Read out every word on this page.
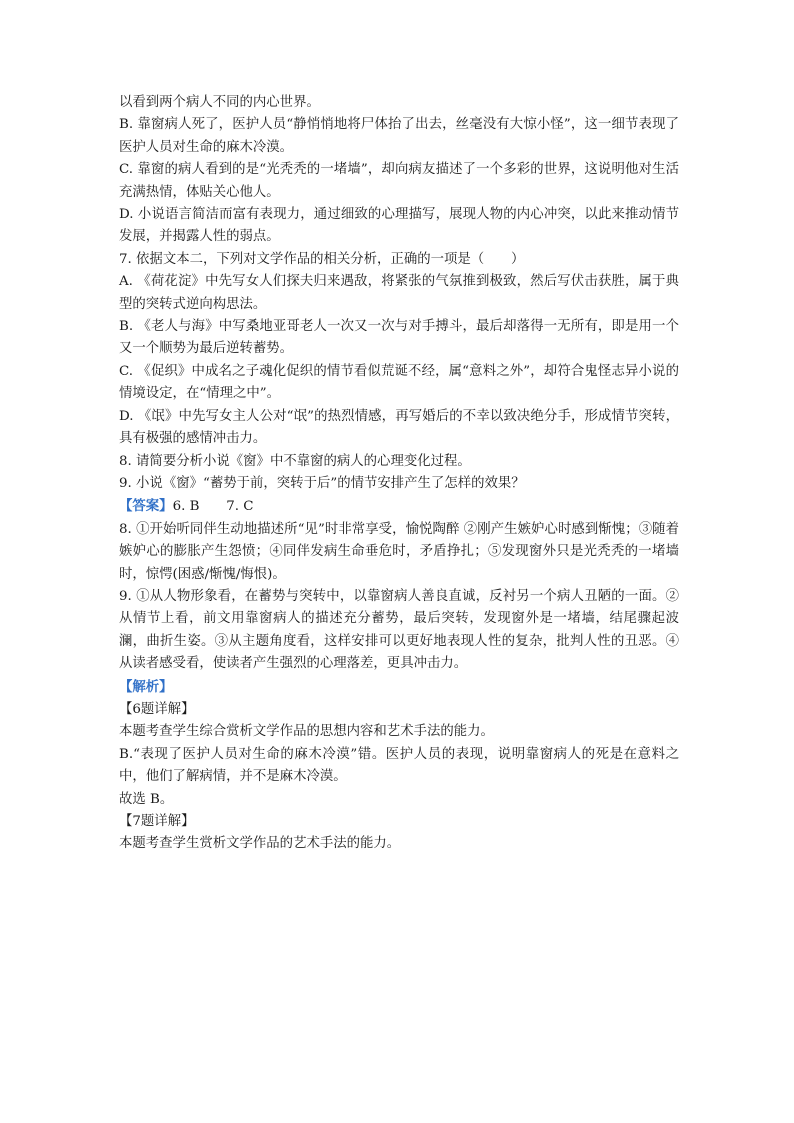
以看到两个病人不同的内心世界。

B. 靠窗病人死了，医护人员“静悄悄地将尸体抬了出去，丝毫没有大惊小怪”，这一细节表现了医护人员对生命的麻木冷漠。

C. 靠窗的病人看到的是“光秃秃的一堵墙”，却向病友描述了一个多彩的世界，这说明他对生活充满热情，体贴关心他人。

D. 小说语言简洁而富有表现力，通过细致的心理描写，展现人物的内心冲突，以此来推动情节发展，并揭露人性的弱点。

7. 依据文本二，下列对文学作品的相关分析，正确的一项是（　　）

A. 《荷花淀》中先写女人们探夫归来遇敌，将紧张的气氛推到极致，然后写伏击获胜，属于典型的突转式逆向构思法。

B. 《老人与海》中写桑地亚哥老人一次又一次与对手搏斗，最后却落得一无所有，即是用一个又一个顺势为最后逆转蓄势。

C. 《促织》中成名之子魂化促织的情节看似荒诞不经，属“意料之外”，却符合鬼怪志异小说的情境设定，在“情理之中”。

D. 《氓》中先写女主人公对“氓”的热烈情感，再写婚后的不幸以致决绝分手，形成情节突转，具有极强的感情冲击力。

8. 请简要分析小说《窗》中不靠窗的病人的心理变化过程。

9. 小说《窗》“蓄势于前，突转于后”的情节安排产生了怎样的效果？

【答案】6. B　　7. C

8. ①开始听同伴生动地描述所“见”时非常享受，愉悦陶醉 ②刚产生嫉妒心时感到惭愧；③随着嫉妒心的膨胀产生怨愤；④同伴发病生命垂危时，矛盾挣扎；⑤发现窗外只是光秃秃的一堵墙时，惊愕(困惑/惭愧/悔恨)。

9. ①从人物形象看，在蓄势与突转中，以靠窗病人善良直诚，反衬另一个病人丑陋的一面。②从情节上看，前文用靠窗病人的描述充分蓄势，最后突转，发现窗外是一堵墙，结尾骤起波澜，曲折生姿。③从主题角度看，这样安排可以更好地表现人性的复杂，批判人性的丑恶。④从读者感受看，使读者产生强烈的心理落差，更具冲击力。

【解析】

【6题详解】

本题考查学生综合赏析文学作品的思想内容和艺术手法的能力。

B.“表现了医护人员对生命的麻木冷漠”错。医护人员的表现，说明靠窗病人的死是在意料之中，他们了解病情，并不是麻木冷漠。

故选 B。

【7题详解】

本题考查学生赏析文学作品的艺术手法的能力。
